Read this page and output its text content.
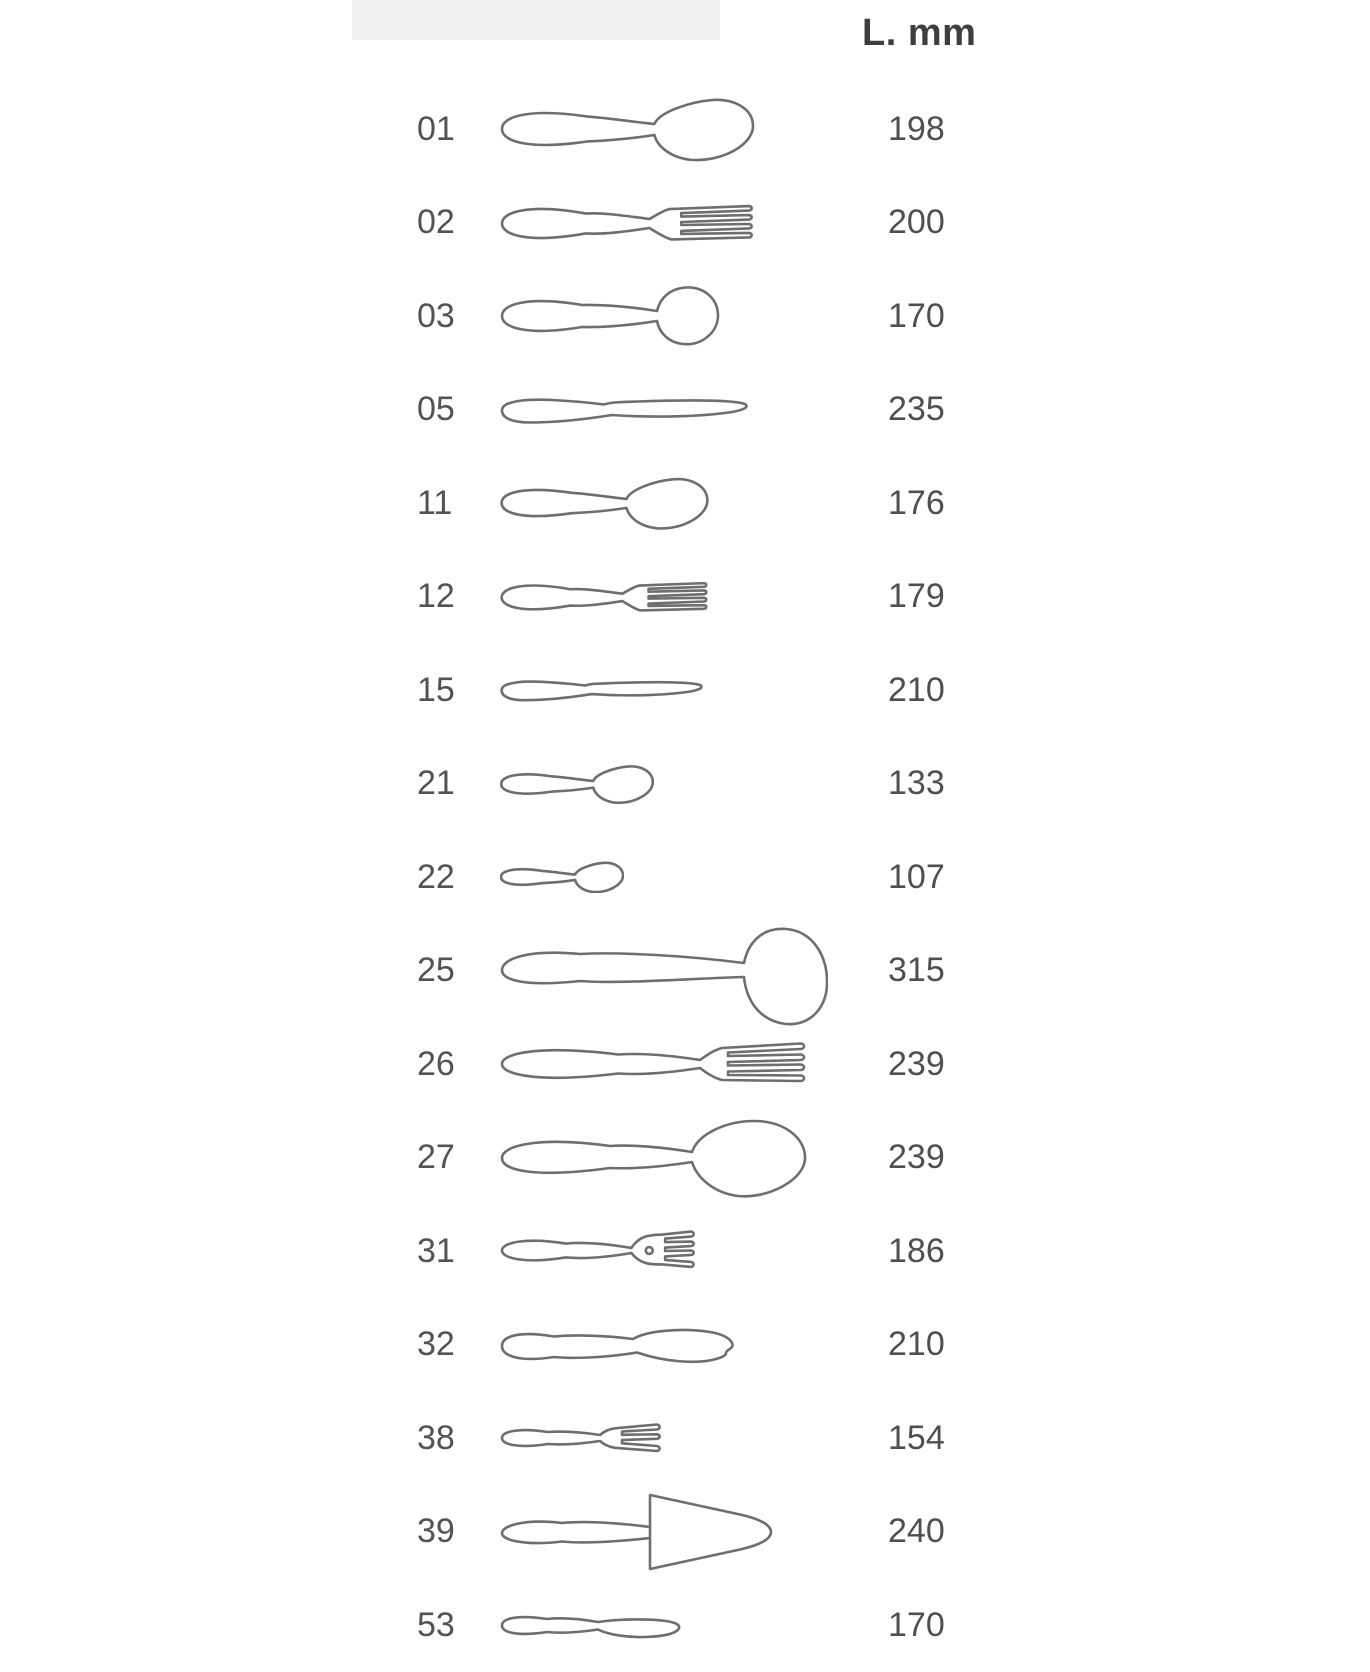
L. mm
01	198
02	200
03	170
05	235
11	176
12	179
15	210
21	133
22	107
25	315
26	239
27	239
31	186
32	210
38	154
39	240
53	170
